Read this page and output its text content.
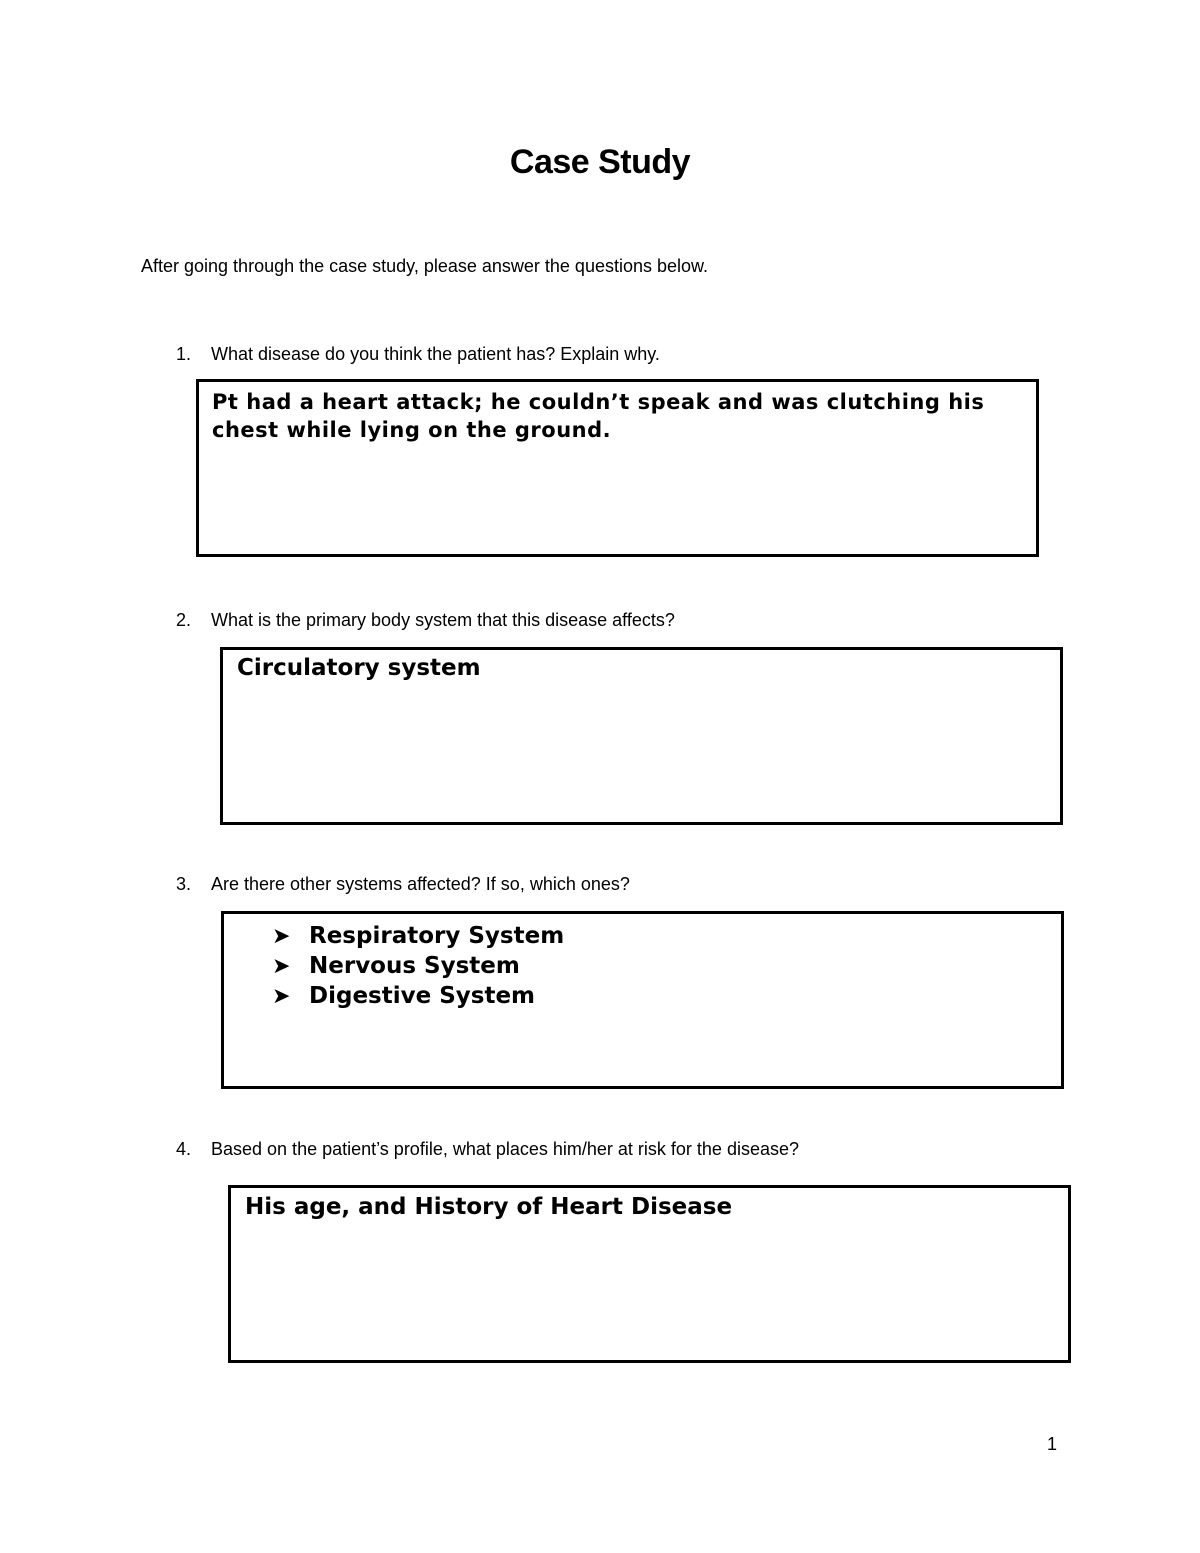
Case Study
After going through the case study, please answer the questions below.
1. What disease do you think the patient has? Explain why.
Pt had a heart attack; he couldn’t speak and was clutching his chest while lying on the ground.
2. What is the primary body system that this disease affects?
Circulatory system
3. Are there other systems affected? If so, which ones?
➤ Respiratory System
➤ Nervous System
➤ Digestive System
4. Based on the patient’s profile, what places him/her at risk for the disease?
His age, and History of Heart Disease
1
